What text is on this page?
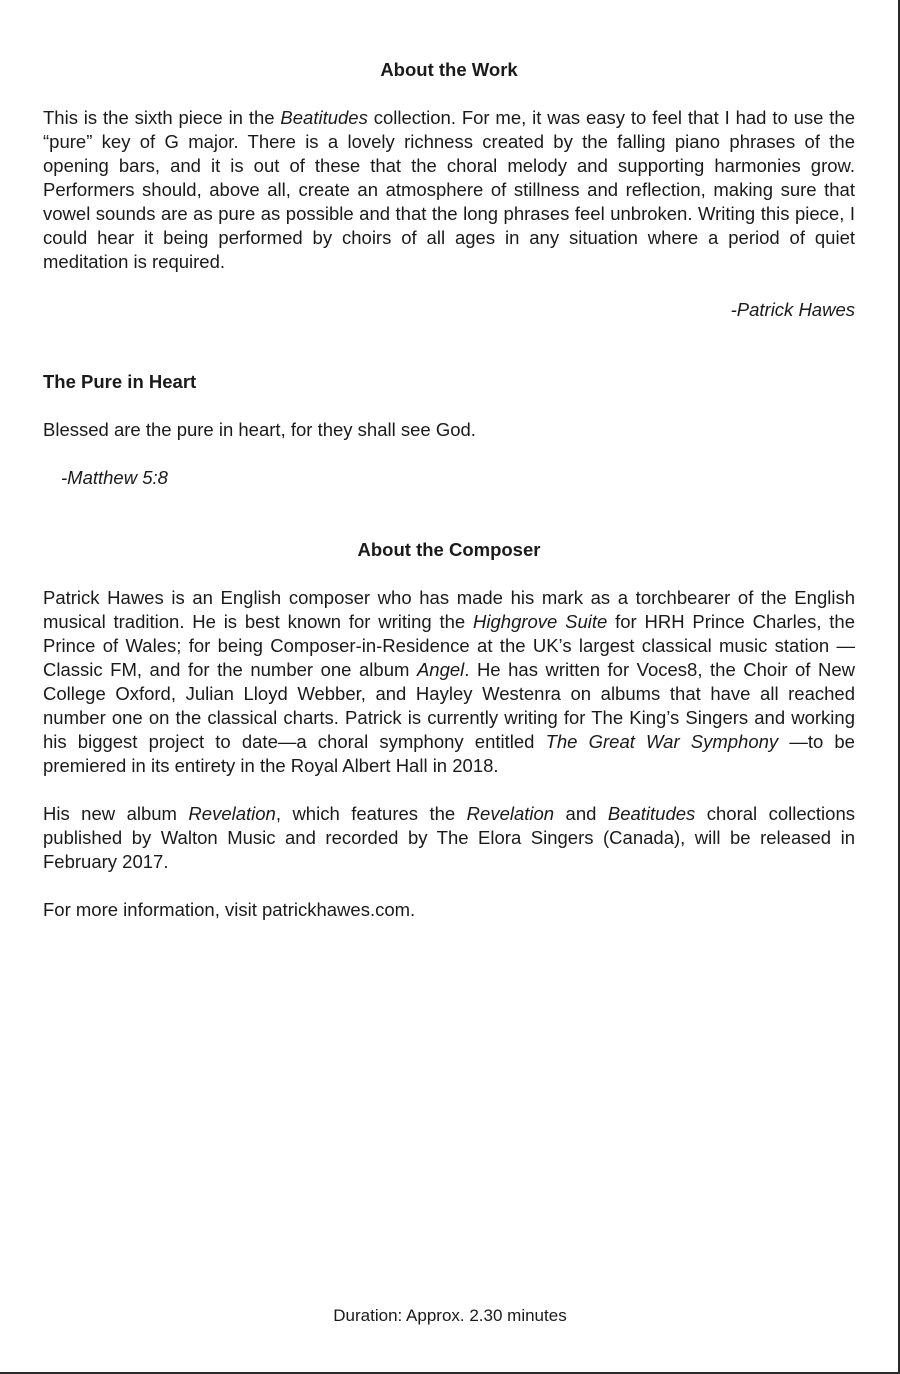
About the Work

This is the sixth piece in the Beatitudes collection. For me, it was easy to feel that I had to use the “pure” key of G major. There is a lovely richness created by the falling piano phrases of the opening bars, and it is out of these that the choral melody and supporting harmonies grow. Performers should, above all, create an atmosphere of stillness and reflection, making sure that vowel sounds are as pure as possible and that the long phrases feel unbroken. Writing this piece, I could hear it being performed by choirs of all ages in any situation where a period of quiet meditation is required.

-Patrick Hawes
The Pure in Heart

Blessed are the pure in heart, for they shall see God.

-Matthew 5:8
About the Composer

Patrick Hawes is an English composer who has made his mark as a torchbearer of the English musical tradition. He is best known for writing the Highgrove Suite for HRH Prince Charles, the Prince of Wales; for being Composer-in-Residence at the UK’s largest classical music station —Classic FM, and for the number one album Angel. He has written for Voces8, the Choir of New College Oxford, Julian Lloyd Webber, and Hayley Westenra on albums that have all reached number one on the classical charts. Patrick is currently writing for The King’s Singers and working his biggest project to date—a choral symphony entitled The Great War Symphony —to be premiered in its entirety in the Royal Albert Hall in 2018.

His new album Revelation, which features the Revelation and Beatitudes choral collections published by Walton Music and recorded by The Elora Singers (Canada), will be released in February 2017.

For more information, visit patrickhawes.com.

Duration: Approx. 2.30 minutes
